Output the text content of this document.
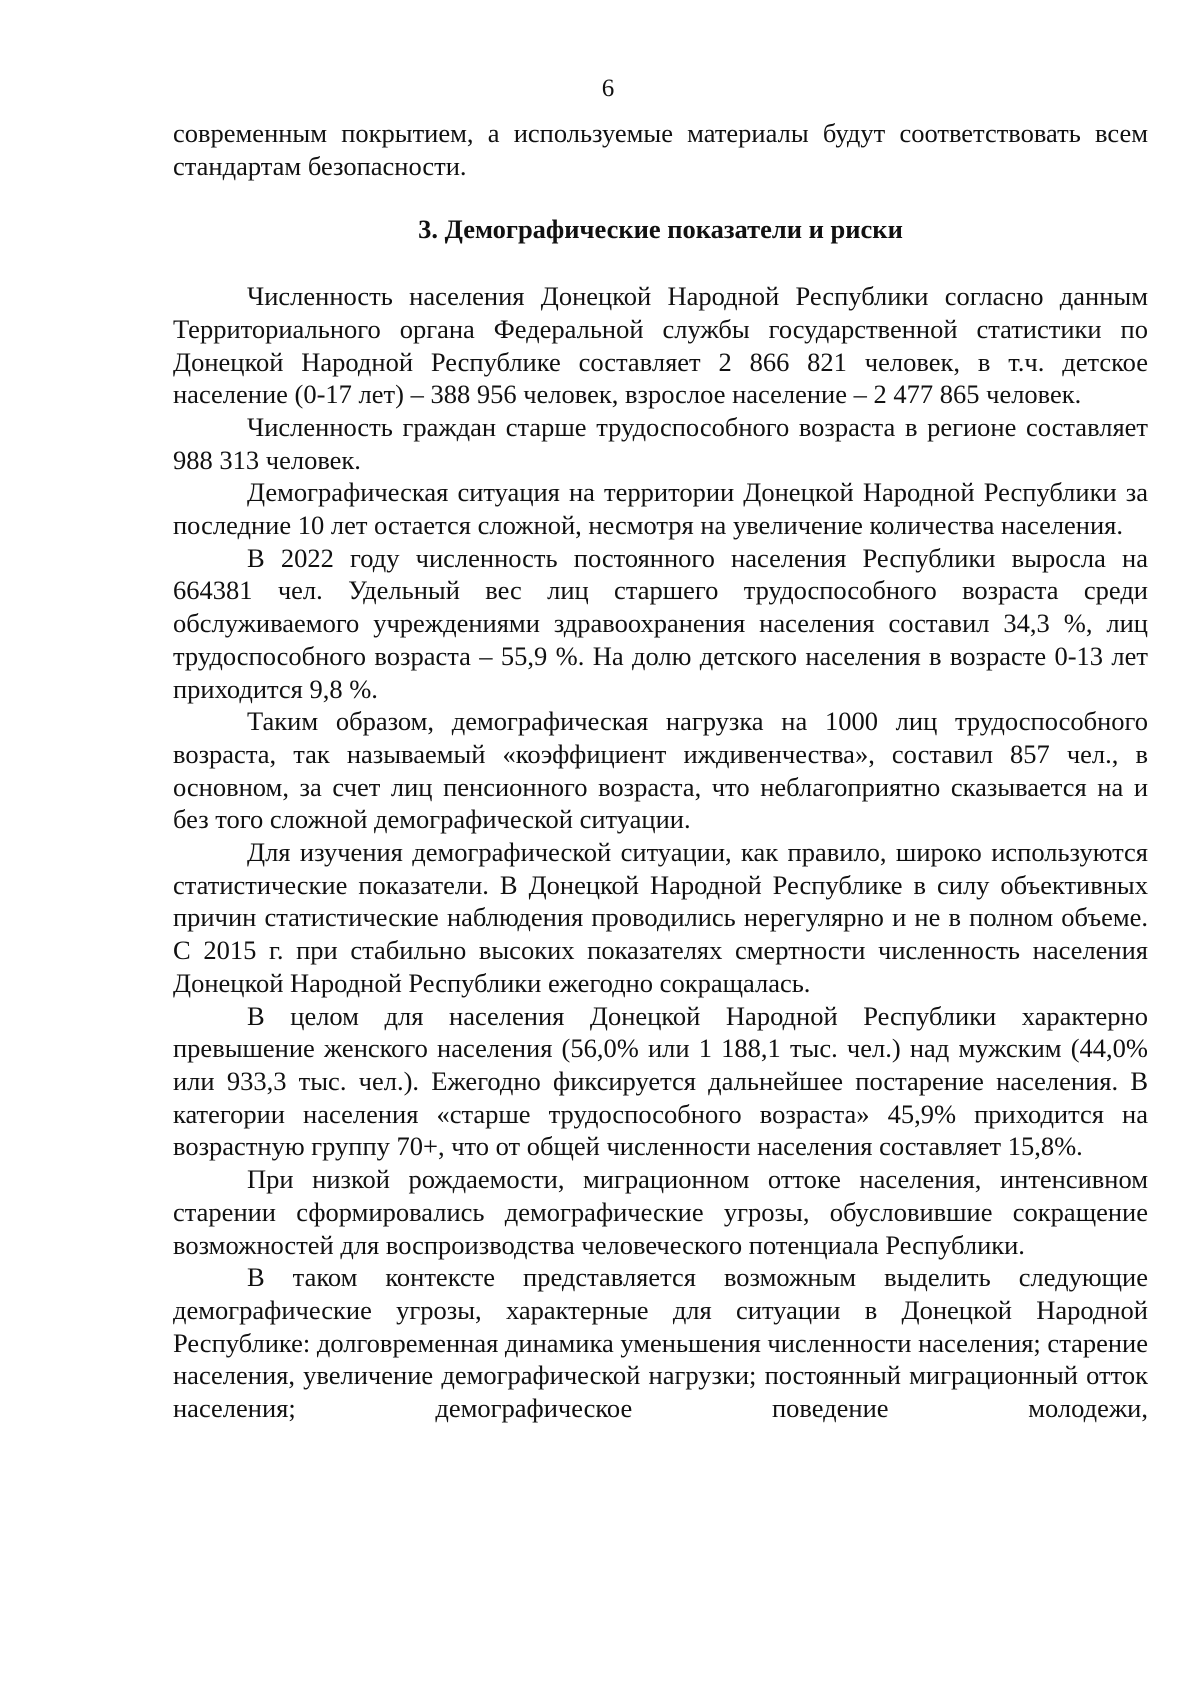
6

современным покрытием, а используемые материалы будут соответствовать всем стандартам безопасности.

3. Демографические показатели и риски

Численность населения Донецкой Народной Республики согласно данным Территориального органа Федеральной службы государственной статистики по Донецкой Народной Республике составляет 2 866 821 человек, в т.ч. детское население (0-17 лет) – 388 956 человек, взрослое население – 2 477 865 человек.

Численность граждан старше трудоспособного возраста в регионе составляет 988 313 человек.

Демографическая ситуация на территории Донецкой Народной Республики за последние 10 лет остается сложной, несмотря на увеличение количества населения.

В 2022 году численность постоянного населения Республики выросла на 664381 чел. Удельный вес лиц старшего трудоспособного возраста среди обслуживаемого учреждениями здравоохранения населения составил 34,3 %, лиц трудоспособного возраста – 55,9 %. На долю детского населения в возрасте 0-13 лет приходится 9,8 %.

Таким образом, демографическая нагрузка на 1000 лиц трудоспособного возраста, так называемый «коэффициент иждивенчества», составил 857 чел., в основном, за счет лиц пенсионного возраста, что неблагоприятно сказывается на и без того сложной демографической ситуации.

Для изучения демографической ситуации, как правило, широко используются статистические показатели. В Донецкой Народной Республике в силу объективных причин статистические наблюдения проводились нерегулярно и не в полном объеме. С 2015 г. при стабильно высоких показателях смертности численность населения Донецкой Народной Республики ежегодно сокращалась.

В целом для населения Донецкой Народной Республики характерно превышение женского населения (56,0% или 1 188,1 тыс. чел.) над мужским (44,0% или 933,3 тыс. чел.). Ежегодно фиксируется дальнейшее постарение населения. В категории населения «старше трудоспособного возраста» 45,9% приходится на возрастную группу 70+, что от общей численности населения составляет 15,8%.

При низкой рождаемости, миграционном оттоке населения, интенсивном старении сформировались демографические угрозы, обусловившие сокращение возможностей для воспроизводства человеческого потенциала Республики.

В таком контексте представляется возможным выделить следующие демографические угрозы, характерные для ситуации в Донецкой Народной Республике: долговременная динамика уменьшения численности населения; старение населения, увеличение демографической нагрузки; постоянный миграционный отток населения; демографическое поведение молодежи,
